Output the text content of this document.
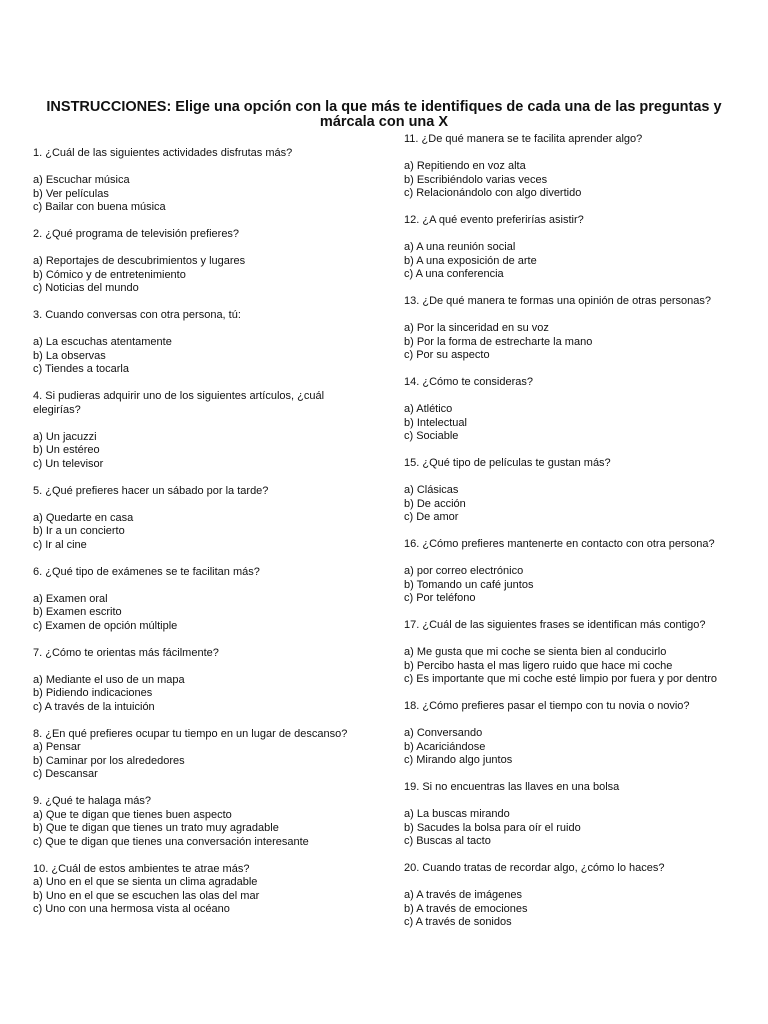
INSTRUCCIONES: Elige una opción con la que más te identifiques de cada una de las preguntas y márcala con una X
1. ¿Cuál de las siguientes actividades disfrutas más?
a) Escuchar música
b) Ver películas
c) Bailar con buena música
2. ¿Qué programa de televisión prefieres?
a) Reportajes de descubrimientos y lugares
b) Cómico y de entretenimiento
c) Noticias del mundo
3. Cuando conversas con otra persona, tú:
a) La escuchas atentamente
b) La observas
c) Tiendes a tocarla
4. Si pudieras adquirir uno de los siguientes artículos, ¿cuál elegirías?
a) Un jacuzzi
b) Un estéreo
c) Un televisor
5. ¿Qué prefieres hacer un sábado por la tarde?
a) Quedarte en casa
b) Ir a un concierto
c) Ir al cine
6. ¿Qué tipo de exámenes se te facilitan más?
a) Examen oral
b) Examen escrito
c) Examen de opción múltiple
7. ¿Cómo te orientas más fácilmente?
a) Mediante el uso de un mapa
b) Pidiendo indicaciones
c) A través de la intuición
8. ¿En qué prefieres ocupar tu tiempo en un lugar de descanso?
a) Pensar
b) Caminar por los alrededores
c) Descansar
9. ¿Qué te halaga más?
a) Que te digan que tienes buen aspecto
b) Que te digan que tienes un trato muy agradable
c) Que te digan que tienes una conversación interesante
10. ¿Cuál de estos ambientes te atrae más?
a) Uno en el que se sienta un clima agradable
b) Uno en el que se escuchen las olas del mar
c) Uno con una hermosa vista al océano
11. ¿De qué manera se te facilita aprender algo?
a) Repitiendo en voz alta
b) Escribiéndolo varias veces
c) Relacionándolo con algo divertido
12. ¿A qué evento preferirías asistir?
a) A una reunión social
b) A una exposición de arte
c) A una conferencia
13. ¿De qué manera te formas una opinión de otras personas?
a) Por la sinceridad en su voz
b) Por la forma de estrecharte la mano
c) Por su aspecto
14. ¿Cómo te consideras?
a) Atlético
b) Intelectual
c) Sociable
15. ¿Qué tipo de películas te gustan más?
a) Clásicas
b) De acción
c) De amor
16. ¿Cómo prefieres mantenerte en contacto con otra persona?
a) por correo electrónico
b) Tomando un café juntos
c) Por teléfono
17. ¿Cuál de las siguientes frases se identifican más contigo?
a) Me gusta que mi coche se sienta bien al conducirlo
b) Percibo hasta el mas ligero ruido que hace mi coche
c) Es importante que mi coche esté limpio por fuera y por dentro
18. ¿Cómo prefieres pasar el tiempo con tu novia o novio?
a) Conversando
b) Acariciándose
c) Mirando algo juntos
19. Si no encuentras las llaves en una bolsa
a) La buscas mirando
b) Sacudes la bolsa para oír el ruido
c) Buscas al tacto
20. Cuando tratas de recordar algo, ¿cómo lo haces?
a) A través de imágenes
b) A través de emociones
c) A través de sonidos
